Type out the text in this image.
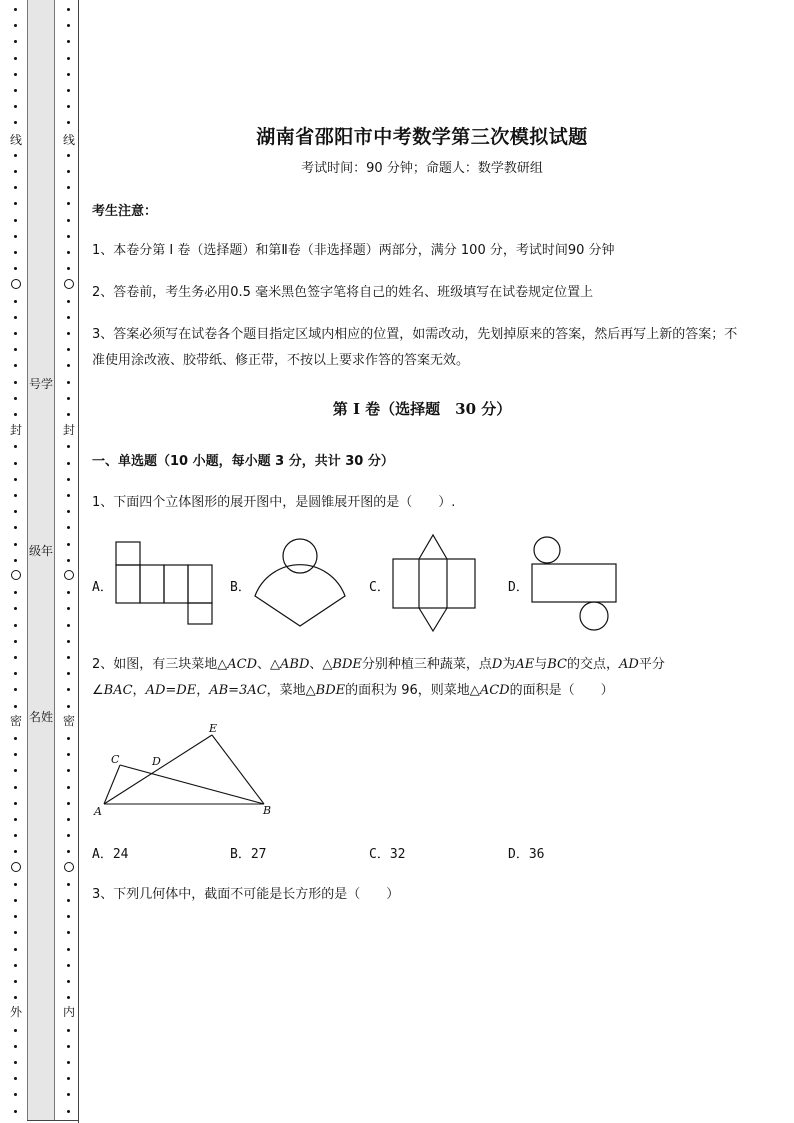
线
封
密
外
线
封
密
内
号学
级年
名姓
湖南省邵阳市中考数学第三次模拟试题
考试时间：90 分钟；命题人：数学教研组
考生注意：
1、本卷分第 I 卷（选择题）和第Ⅱ卷（非选择题）两部分，满分 100 分，考试时间90 分钟
2、答卷前，考生务必用0.5 毫米黑色签字笔将自己的姓名、班级填写在试卷规定位置上
3、答案必须写在试卷各个题目指定区域内相应的位置，如需改动，先划掉原来的答案，然后再写上新的答案；不准使用涂改液、胶带纸、修正带，不按以上要求作答的答案无效。
第 I 卷（选择题　30 分）
一、单选题（10 小题，每小题 3 分，共计 30 分）
1、下面四个立体图形的展开图中，是圆锥展开图的是（　　）.
A．	B．	C．	D．
2、如图，有三块菜地△ACD、△ABD、△BDE分别种植三种蔬菜，点D为AE与BC的交点，AD平分
∠BAC，AD=DE，AB=3AC，菜地△BDE的面积为 96，则菜地△ACD的面积是（　　）
E
C	D
A	B
A．24	B．27	C．32	D．36
3、下列几何体中，截面不可能是长方形的是（　　）
